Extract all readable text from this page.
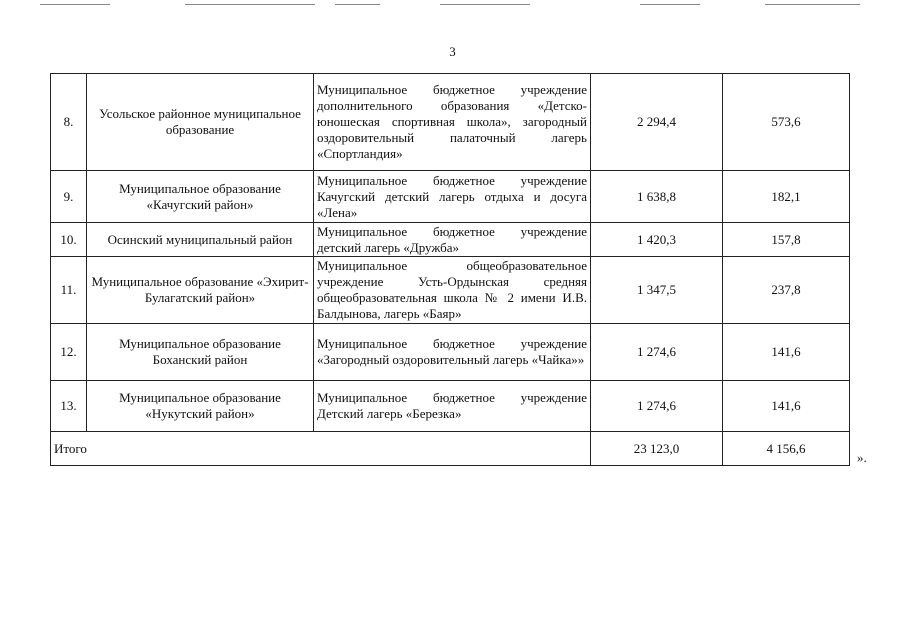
3
8.	Усольское районное муниципальное образование	Муниципальное бюджетное учреждение дополнительного образования «Детско-юношеская спортивная школа», загородный оздоровительный палаточный лагерь «Спортландия»	2 294,4	573,6
9.	Муниципальное образование «Качугский район»	Муниципальное бюджетное учреждение Качугский детский лагерь отдыха и досуга «Лена»	1 638,8	182,1
10.	Осинский муниципальный район	Муниципальное бюджетное учреждение детский лагерь «Дружба»	1 420,3	157,8
11.	Муниципальное образование «Эхирит-Булагатский район»	Муниципальное общеобразовательное учреждение Усть-Ордынская средняя общеобразовательная школа № 2 имени И.В. Балдынова, лагерь «Баяр»	1 347,5	237,8
12.	Муниципальное образование Боханский район	Муниципальное бюджетное учреждение «Загородный оздоровительный лагерь «Чайка»»	1 274,6	141,6
13.	Муниципальное образование «Нукутский район»	Муниципальное бюджетное учреждение Детский лагерь «Березка»	1 274,6	141,6
Итого			23 123,0	4 156,6
».
